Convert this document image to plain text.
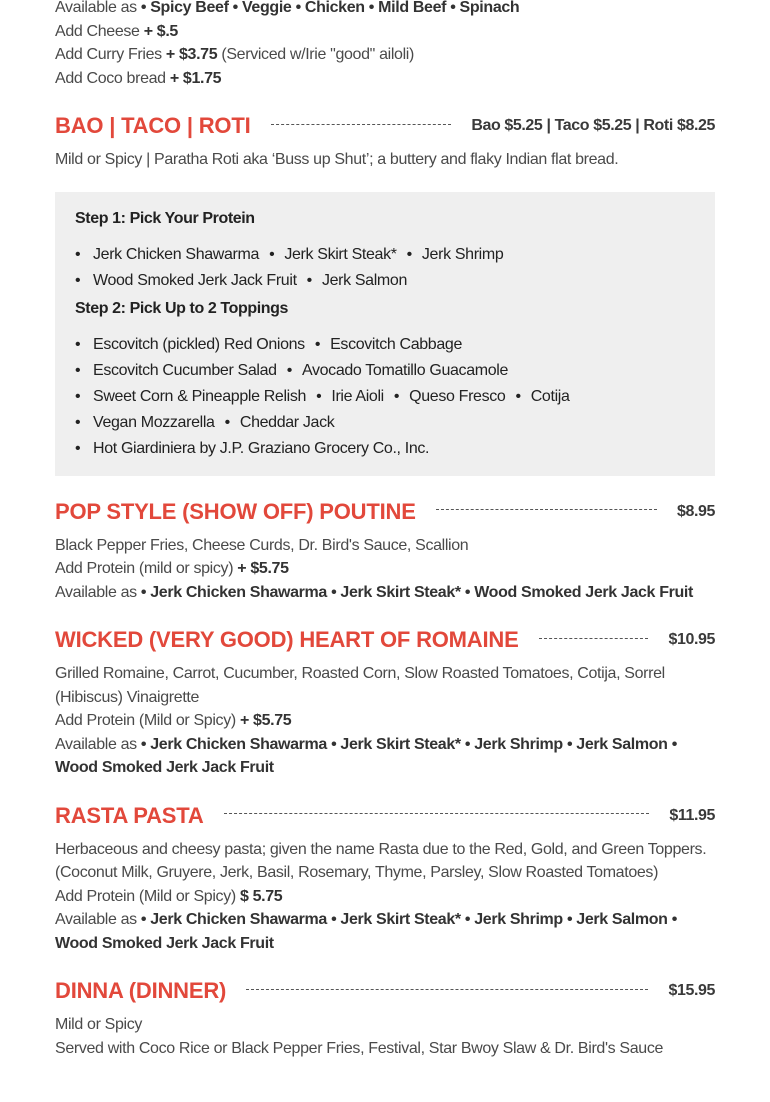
Available as • Spicy Beef • Veggie • Chicken • Mild Beef • Spinach
Add Cheese + $.5
Add Curry Fries + $3.75 (Serviced w/Irie "good" ailoli)
Add Coco bread + $1.75
BAO | TACO | ROTI	Bao $5.25 | Taco $5.25 | Roti $8.25
Mild or Spicy | Paratha Roti aka ‘Buss up Shut’; a buttery and flaky Indian flat bread.
Step 1: Pick Your Protein
• Jerk Chicken Shawarma • Jerk Skirt Steak* • Jerk Shrimp
• Wood Smoked Jerk Jack Fruit • Jerk Salmon
Step 2: Pick Up to 2 Toppings
• Escovitch (pickled) Red Onions • Escovitch Cabbage
• Escovitch Cucumber Salad • Avocado Tomatillo Guacamole
• Sweet Corn & Pineapple Relish • Irie Aioli • Queso Fresco • Cotija
• Vegan Mozzarella • Cheddar Jack
• Hot Giardiniera by J.P. Graziano Grocery Co., Inc.
POP STYLE (SHOW OFF) POUTINE	$8.95
Black Pepper Fries, Cheese Curds, Dr. Bird's Sauce, Scallion
Add Protein (mild or spicy) + $5.75
Available as • Jerk Chicken Shawarma • Jerk Skirt Steak* • Wood Smoked Jerk Jack Fruit
WICKED (VERY GOOD) HEART OF ROMAINE	$10.95
Grilled Romaine, Carrot, Cucumber, Roasted Corn, Slow Roasted Tomatoes, Cotija, Sorrel (Hibiscus) Vinaigrette
Add Protein (Mild or Spicy) + $5.75
Available as • Jerk Chicken Shawarma • Jerk Skirt Steak* • Jerk Shrimp • Jerk Salmon • Wood Smoked Jerk Jack Fruit
RASTA PASTA	$11.95
Herbaceous and cheesy pasta; given the name Rasta due to the Red, Gold, and Green Toppers. (Coconut Milk, Gruyere, Jerk, Basil, Rosemary, Thyme, Parsley, Slow Roasted Tomatoes)
Add Protein (Mild or Spicy) $ 5.75
Available as • Jerk Chicken Shawarma • Jerk Skirt Steak* • Jerk Shrimp • Jerk Salmon • Wood Smoked Jerk Jack Fruit
DINNA (DINNER)	$15.95
Mild or Spicy
Served with Coco Rice or Black Pepper Fries, Festival, Star Bwoy Slaw & Dr. Bird's Sauce
